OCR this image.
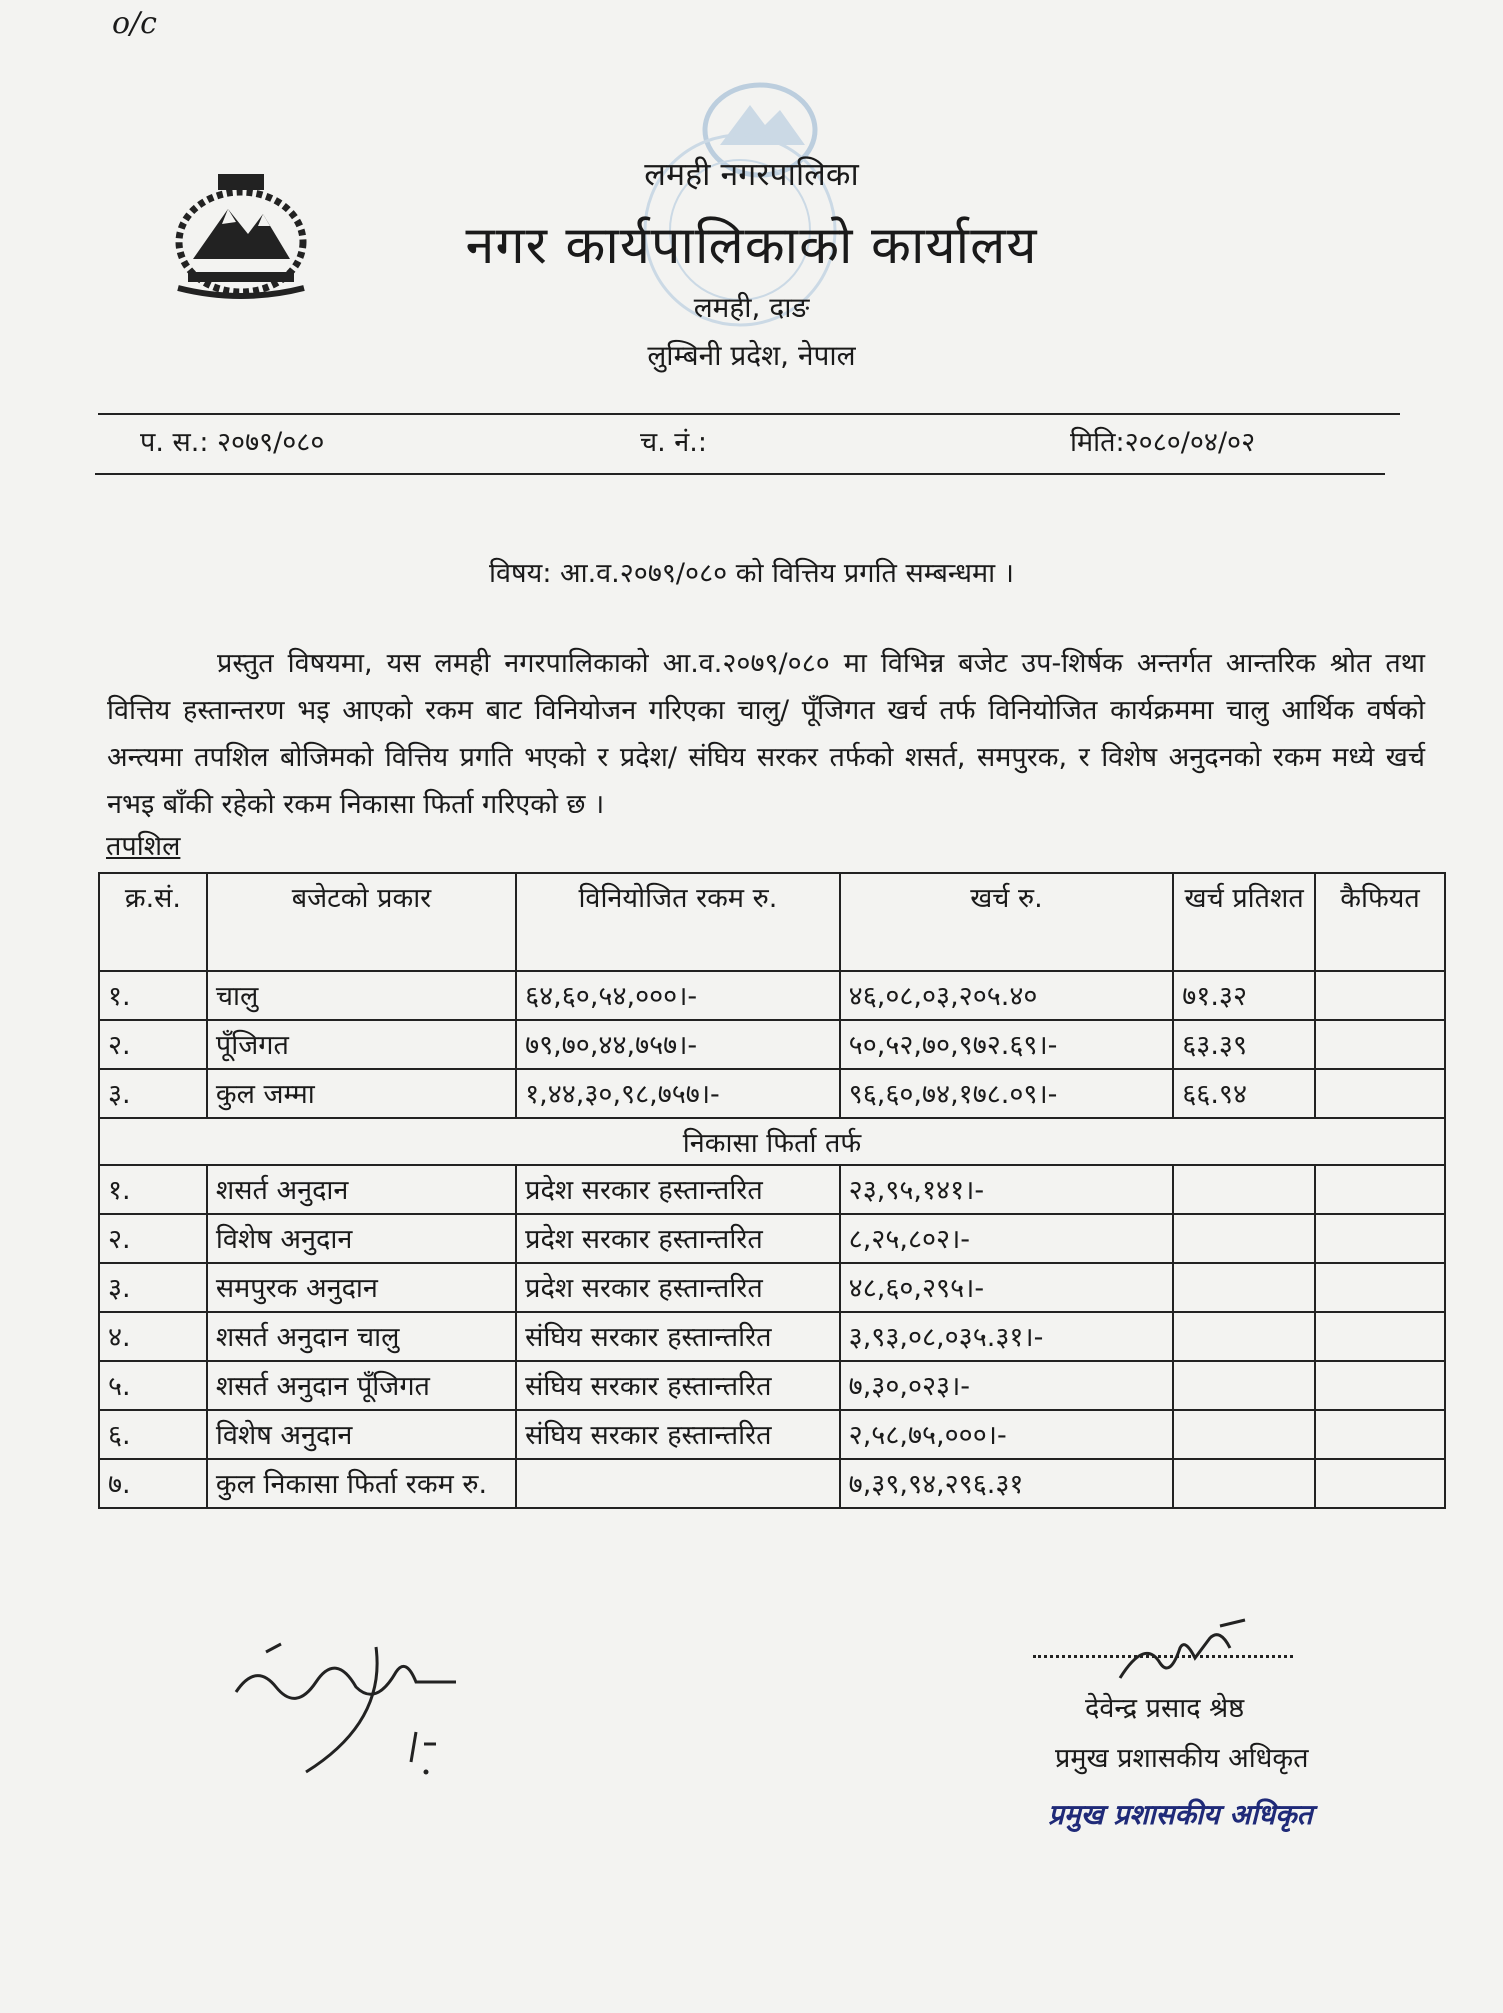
o/c
लमही नगरपालिका
नगर कार्यपालिकाको कार्यालय
लमही, दाङ
लुम्बिनी प्रदेश, नेपाल
प. स.: २०७९/०८०	च. नं.:	मिति:२०८०/०४/०२
विषय: आ.व.२०७९/०८० को वित्तिय प्रगति सम्बन्धमा ।
प्रस्तुत विषयमा, यस लमही नगरपालिकाको आ.व.२०७९/०८० मा विभिन्न बजेट उप-शिर्षक अन्तर्गत आन्तरिक श्रोत तथा वित्तिय हस्तान्तरण भइ आएको रकम बाट विनियोजन गरिएका चालु/ पूँजिगत खर्च तर्फ विनियोजित कार्यक्रममा चालु आर्थिक वर्षको अन्त्यमा तपशिल बोजिमको वित्तिय प्रगति भएको र प्रदेश/ संघिय सरकर तर्फको शसर्त, समपुरक, र विशेष अनुदनको रकम मध्ये खर्च नभइ बाँकी रहेको रकम निकासा फिर्ता गरिएको छ ।
तपशिल
क्र.सं.	बजेटको प्रकार	विनियोजित रकम रु.	खर्च रु.	खर्च प्रतिशत	कैफियत
१.	चालु	६४,६०,५४,०००।-	४६,०८,०३,२०५.४०	७१.३२	
२.	पूँजिगत	७९,७०,४४,७५७।-	५०,५२,७०,९७२.६९।-	६३.३९	
३.	कुल जम्मा	१,४४,३०,९८,७५७।-	९६,६०,७४,१७८.०९।-	६६.९४	
निकासा फिर्ता तर्फ					
१.	शसर्त अनुदान	प्रदेश सरकार हस्तान्तरित	२३,९५,१४१।-		
२.	विशेष अनुदान	प्रदेश सरकार हस्तान्तरित	८,२५,८०२।-		
३.	समपुरक अनुदान	प्रदेश सरकार हस्तान्तरित	४८,६०,२९५।-		
४.	शसर्त अनुदान चालु	संघिय सरकार हस्तान्तरित	३,९३,०८,०३५.३१।-		
५.	शसर्त अनुदान पूँजिगत	संघिय सरकार हस्तान्तरित	७,३०,०२३।-		
६.	विशेष अनुदान	संघिय सरकार हस्तान्तरित	२,५८,७५,०००।-		
७.	कुल निकासा फिर्ता रकम रु.		७,३९,९४,२९६.३१		
देवेन्द्र प्रसाद श्रेष्ठ
प्रमुख प्रशासकीय अधिकृत
प्रमुख प्रशासकीय अधिकृत
